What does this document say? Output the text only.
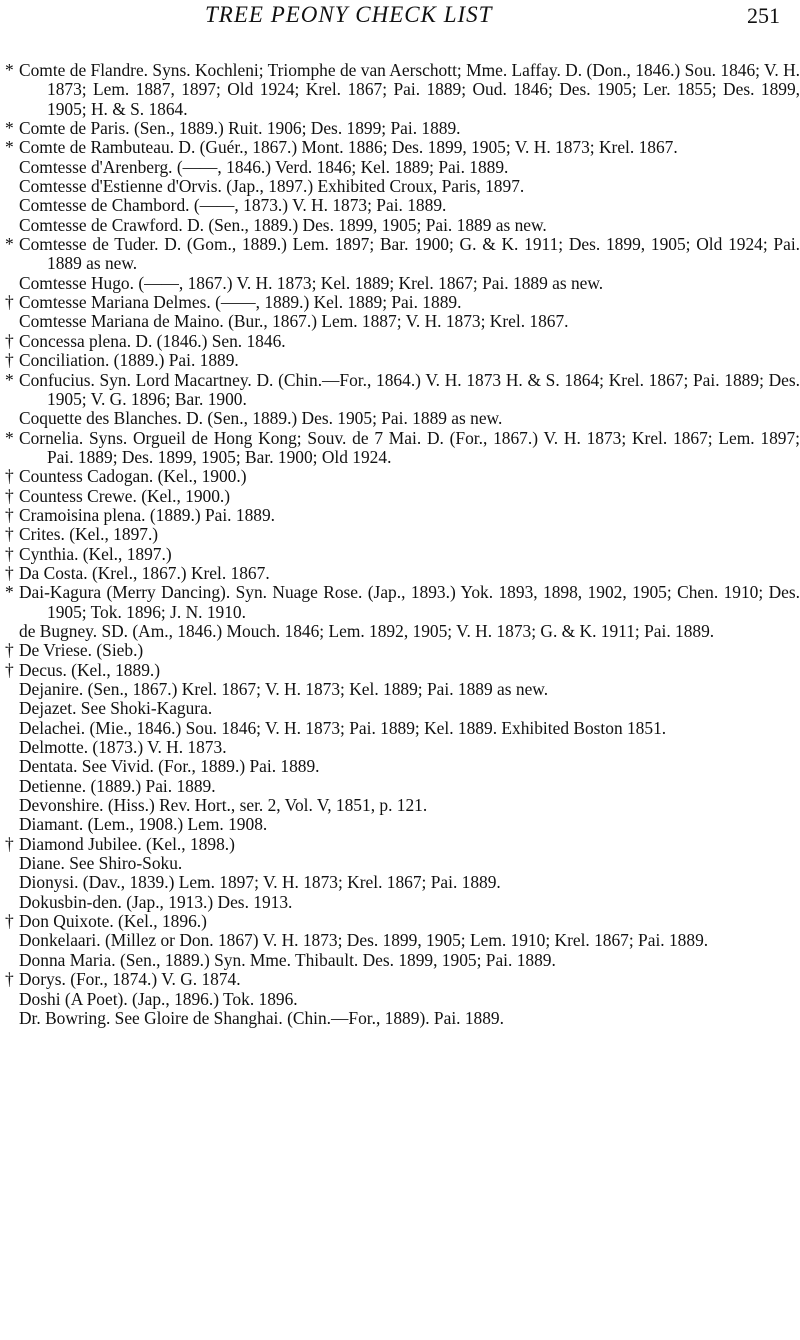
TREE PEONY CHECK LIST	251
* Comte de Flandre. Syns. Kochleni; Triomphe de van Aerschott; Mme. Laffay. D. (Don., 1846.) Sou. 1846; V. H. 1873; Lem. 1887, 1897; Old 1924; Krel. 1867; Pai. 1889; Oud. 1846; Des. 1905; Ler. 1855; Des. 1899, 1905; H. & S. 1864.
* Comte de Paris. (Sen., 1889.) Ruit. 1906; Des. 1899; Pai. 1889.
* Comte de Rambuteau. D. (Guér., 1867.) Mont. 1886; Des. 1899, 1905; V. H. 1873; Krel. 1867.
Comtesse d'Arenberg. (——, 1846.) Verd. 1846; Kel. 1889; Pai. 1889.
Comtesse d'Estienne d'Orvis. (Jap., 1897.) Exhibited Croux, Paris, 1897.
Comtesse de Chambord. (——, 1873.) V. H. 1873; Pai. 1889.
Comtesse de Crawford. D. (Sen., 1889.) Des. 1899, 1905; Pai. 1889 as new.
* Comtesse de Tuder. D. (Gom., 1889.) Lem. 1897; Bar. 1900; G. & K. 1911; Des. 1899, 1905; Old 1924; Pai. 1889 as new.
Comtesse Hugo. (——, 1867.) V. H. 1873; Kel. 1889; Krel. 1867; Pai. 1889 as new.
† Comtesse Mariana Delmes. (——, 1889.) Kel. 1889; Pai. 1889.
Comtesse Mariana de Maino. (Bur., 1867.) Lem. 1887; V. H. 1873; Krel. 1867.
† Concessa plena. D. (1846.) Sen. 1846.
† Conciliation. (1889.) Pai. 1889.
* Confucius. Syn. Lord Macartney. D. (Chin.—For., 1864.) V. H. 1873 H. & S. 1864; Krel. 1867; Pai. 1889; Des. 1905; V. G. 1896; Bar. 1900.
Coquette des Blanches. D. (Sen., 1889.) Des. 1905; Pai. 1889 as new.
* Cornelia. Syns. Orgueil de Hong Kong; Souv. de 7 Mai. D. (For., 1867.) V. H. 1873; Krel. 1867; Lem. 1897; Pai. 1889; Des. 1899, 1905; Bar. 1900; Old 1924.
† Countess Cadogan. (Kel., 1900.)
† Countess Crewe. (Kel., 1900.)
† Cramoisina plena. (1889.) Pai. 1889.
† Crites. (Kel., 1897.)
† Cynthia. (Kel., 1897.)
† Da Costa. (Krel., 1867.) Krel. 1867.
* Dai-Kagura (Merry Dancing). Syn. Nuage Rose. (Jap., 1893.) Yok. 1893, 1898, 1902, 1905; Chen. 1910; Des. 1905; Tok. 1896; J. N. 1910.
de Bugney. SD. (Am., 1846.) Mouch. 1846; Lem. 1892, 1905; V. H. 1873; G. & K. 1911; Pai. 1889.
† De Vriese. (Sieb.)
† Decus. (Kel., 1889.)
Dejanire. (Sen., 1867.) Krel. 1867; V. H. 1873; Kel. 1889; Pai. 1889 as new.
Dejazet. See Shoki-Kagura.
Delachei. (Mie., 1846.) Sou. 1846; V. H. 1873; Pai. 1889; Kel. 1889. Exhibited Boston 1851.
Delmotte. (1873.) V. H. 1873.
Dentata. See Vivid. (For., 1889.) Pai. 1889.
Detienne. (1889.) Pai. 1889.
Devonshire. (Hiss.) Rev. Hort., ser. 2, Vol. V, 1851, p. 121.
Diamant. (Lem., 1908.) Lem. 1908.
† Diamond Jubilee. (Kel., 1898.)
Diane. See Shiro-Soku.
Dionysi. (Dav., 1839.) Lem. 1897; V. H. 1873; Krel. 1867; Pai. 1889.
Dokusbin-den. (Jap., 1913.) Des. 1913.
† Don Quixote. (Kel., 1896.)
Donkelaari. (Millez or Don. 1867) V. H. 1873; Des. 1899, 1905; Lem. 1910; Krel. 1867; Pai. 1889.
Donna Maria. (Sen., 1889.) Syn. Mme. Thibault. Des. 1899, 1905; Pai. 1889.
† Dorys. (For., 1874.) V. G. 1874.
Doshi (A Poet). (Jap., 1896.) Tok. 1896.
Dr. Bowring. See Gloire de Shanghai. (Chin.—For., 1889). Pai. 1889.
